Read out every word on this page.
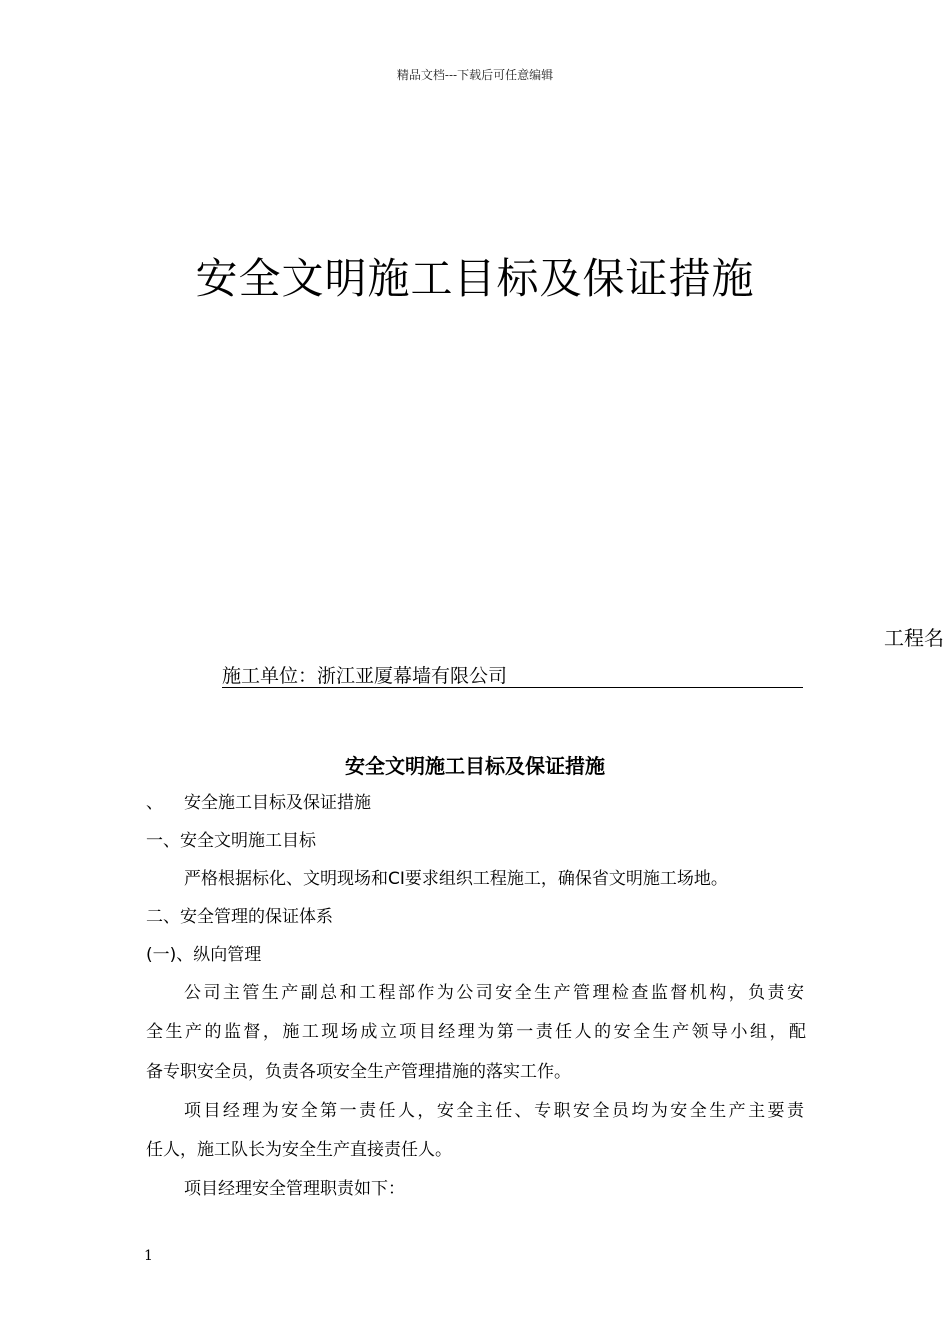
精品文档---下载后可任意编辑
安全文明施工目标及保证措施
工程名
施工单位：浙江亚厦幕墙有限公司
安全文明施工目标及保证措施
、 安全施工目标及保证措施
一、安全文明施工目标
严格根据标化、文明现场和CI要求组织工程施工，确保省文明施工场地。
二、安全管理的保证体系
(一)、纵向管理
公司主管生产副总和工程部作为公司安全生产管理检查监督机构，负责安
全生产的监督，施工现场成立项目经理为第一责任人的安全生产领导小组，配
备专职安全员，负责各项安全生产管理措施的落实工作。
项目经理为安全第一责任人，安全主任、专职安全员均为安全生产主要责
任人，施工队长为安全生产直接责任人。
项目经理安全管理职责如下：
1
